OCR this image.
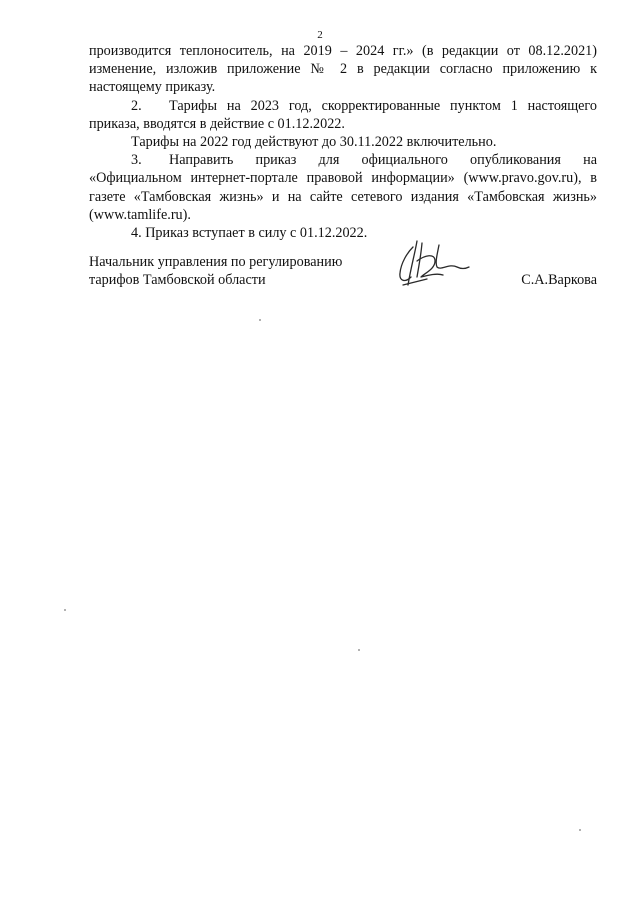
2

производится теплоноситель, на 2019 – 2024 гг.» (в редакции от 08.12.2021) изменение, изложив приложение № 2 в редакции согласно приложению к настоящему приказу.

2. Тарифы на 2023 год, скорректированные пунктом 1 настоящего приказа, вводятся в действие с 01.12.2022.

Тарифы на 2022 год действуют до 30.11.2022 включительно.

3. Направить приказ для официального опубликования на «Официальном интернет-портале правовой информации» (www.pravo.gov.ru), в газете «Тамбовская жизнь» и на сайте сетевого издания «Тамбовская жизнь» (www.tamlife.ru).

4. Приказ вступает в силу с 01.12.2022.

Начальник управления по регулированию
тарифов Тамбовской области	С.А.Варкова
